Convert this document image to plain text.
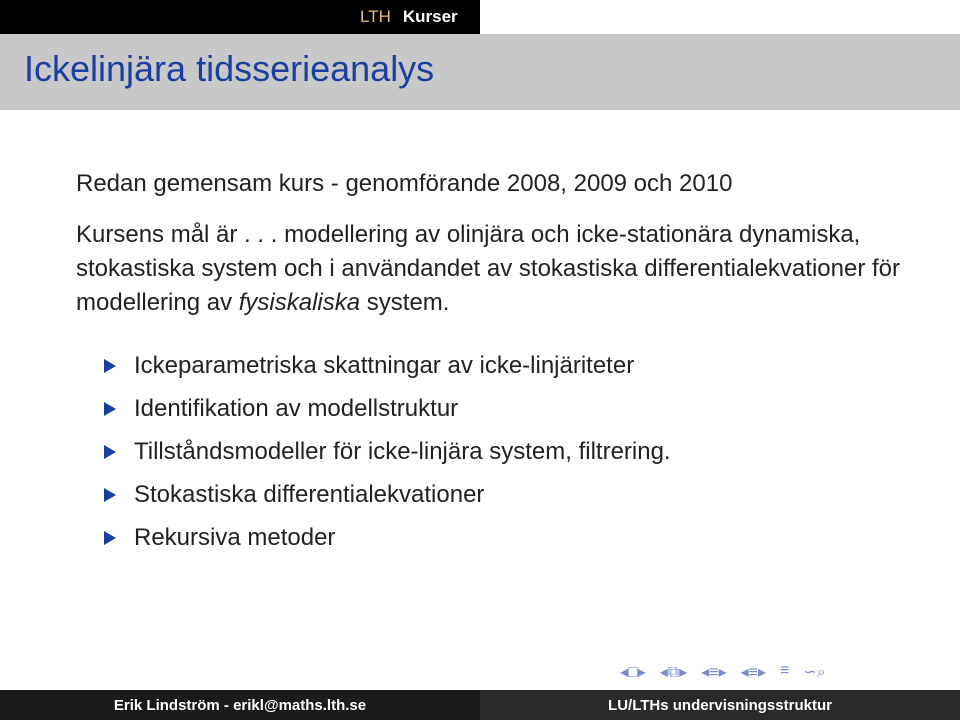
LTH Kurser
Ickelinjära tidsserieanalys

Redan gemensam kurs - genomförande 2008, 2009 och 2010

Kursens mål är . . . modellering av olinjära och icke-stationära dynamiska, stokastiska system och i användandet av stokastiska differentialekvationer för modellering av fysiskaliska system.

Ickeparametriska skattningar av icke-linjäriteter
Identifikation av modellstruktur
Tillståndsmodeller för icke-linjära system, filtrering.
Stokastiska differentialekvationer
Rekursiva metoder
◂□▸ ◂⧉▸ ◂≡▸ ◂≡▸ ≡ ∽⌕
Erik Lindström - erikl@maths.lth.se	LU/LTHs undervisningsstruktur
